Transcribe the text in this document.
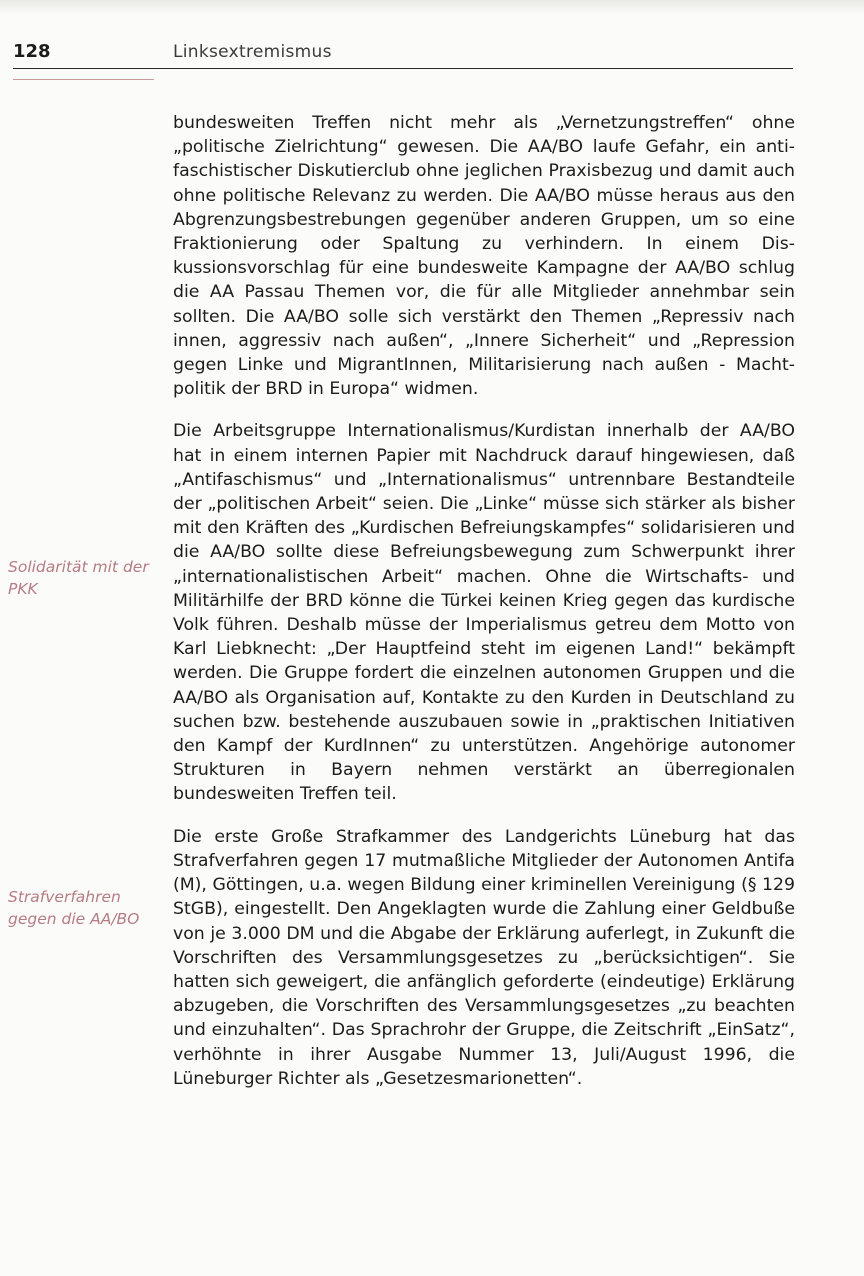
128	Linksextremismus
Solidarität mit der PKK
Strafverfahren gegen die AA/BO

bundesweiten Treffen nicht mehr als „Vernetzungstreffen“ ohne „politische Zielrichtung“ gewesen. Die AA/BO laufe Gefahr, ein antifaschistischer Diskutierclub ohne jeglichen Praxisbezug und damit auch ohne politische Relevanz zu werden. Die AA/BO müsse heraus aus den Abgrenzungsbestrebungen gegenüber anderen Gruppen, um so eine Fraktionierung oder Spaltung zu verhindern. In einem Diskussionsvorschlag für eine bundesweite Kampagne der AA/BO schlug die AA Passau Themen vor, die für alle Mitglieder annehmbar sein sollten. Die AA/BO solle sich verstärkt den Themen „Repressiv nach innen, aggressiv nach außen“, „Innere Sicherheit“ und „Repression gegen Linke und MigrantInnen, Militarisierung nach außen - Machtpolitik der BRD in Europa“ widmen.

Die Arbeitsgruppe Internationalismus/Kurdistan innerhalb der AA/BO hat in einem internen Papier mit Nachdruck darauf hingewiesen, daß „Antifaschismus“ und „Internationalismus“ untrennbare Bestandteile der „politischen Arbeit“ seien. Die „Linke“ müsse sich stärker als bisher mit den Kräften des „Kurdischen Befreiungskampfes“ solidarisieren und die AA/BO sollte diese Befreiungsbewegung zum Schwerpunkt ihrer „internationalistischen Arbeit“ machen. Ohne die Wirtschafts- und Militärhilfe der BRD könne die Türkei keinen Krieg gegen das kurdische Volk führen. Deshalb müsse der Imperialismus getreu dem Motto von Karl Liebknecht: „Der Hauptfeind steht im eigenen Land!“ bekämpft werden. Die Gruppe fordert die einzelnen autonomen Gruppen und die AA/BO als Organisation auf, Kontakte zu den Kurden in Deutschland zu suchen bzw. bestehende auszubauen sowie in „praktischen Initiativen den Kampf der KurdInnen“ zu unterstützen. Angehörige autonomer Strukturen in Bayern nehmen verstärkt an überregionalen bundesweiten Treffen teil.

Die erste Große Strafkammer des Landgerichts Lüneburg hat das Strafverfahren gegen 17 mutmaßliche Mitglieder der Autonomen Antifa (M), Göttingen, u.a. wegen Bildung einer kriminellen Vereinigung (§ 129 StGB), eingestellt. Den Angeklagten wurde die Zahlung einer Geldbuße von je 3.000 DM und die Abgabe der Erklärung auferlegt, in Zukunft die Vorschriften des Versammlungsgesetzes zu „berücksichtigen“. Sie hatten sich geweigert, die anfänglich geforderte (eindeutige) Erklärung abzugeben, die Vorschriften des Versammlungsgesetzes „zu beachten und einzuhalten“. Das Sprachrohr der Gruppe, die Zeitschrift „EinSatz“, verhöhnte in ihrer Ausgabe Nummer 13, Juli/August 1996, die Lüneburger Richter als „Gesetzesmarionetten“.
